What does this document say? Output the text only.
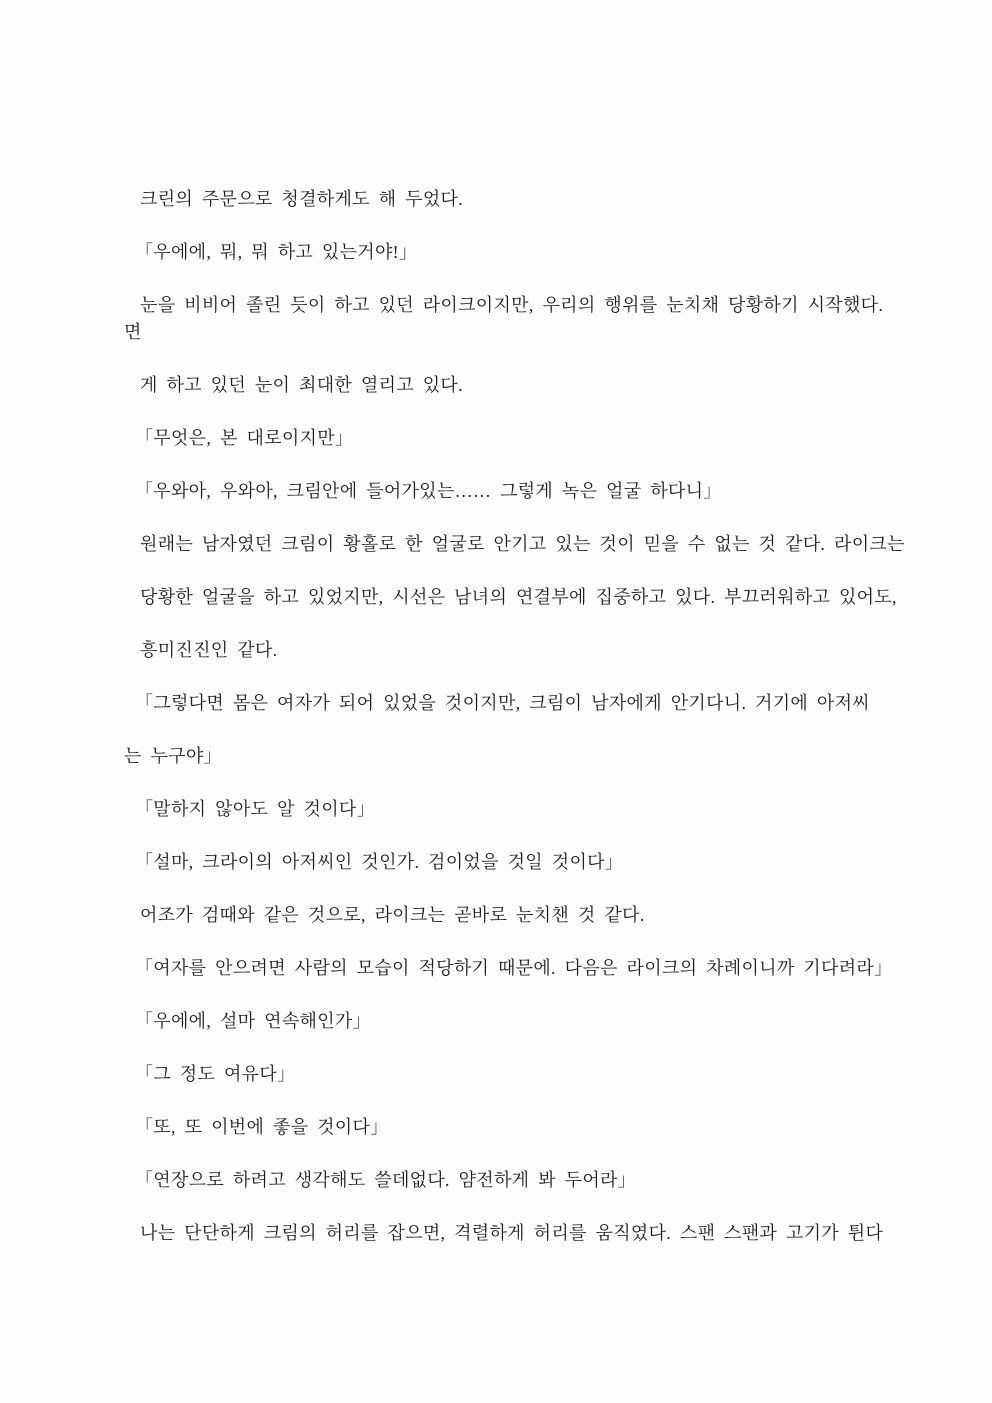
크린의 주문으로 청결하게도 해 두었다.

「우에에, 뭐, 뭐 하고 있는거야!」

눈을 비비어 졸린 듯이 하고 있던 라이크이지만, 우리의 행위를 눈치채 당황하기 시작했다.
면

게 하고 있던 눈이 최대한 열리고 있다.

「무엇은, 본 대로이지만」

「우와아, 우와아, 크림안에 들어가있는…… 그렇게 녹은 얼굴 하다니」

원래는 남자였던 크림이 황홀로 한 얼굴로 안기고 있는 것이 믿을 수 없는 것 같다. 라이크는

당황한 얼굴을 하고 있었지만, 시선은 남녀의 연결부에 집중하고 있다. 부끄러워하고 있어도,

흥미진진인 같다.

「그렇다면 몸은 여자가 되어 있었을 것이지만, 크림이 남자에게 안기다니. 거기에 아저씨

는 누구야」

「말하지 않아도 알 것이다」

「설마, 크라이의 아저씨인 것인가. 검이었을 것일 것이다」

어조가 검때와 같은 것으로, 라이크는 곧바로 눈치챈 것 같다.

「여자를 안으려면 사람의 모습이 적당하기 때문에. 다음은 라이크의 차례이니까 기다려라」

「우에에, 설마 연속해인가」

「그 정도 여유다」

「또, 또 이번에 좋을 것이다」

「연장으로 하려고 생각해도 쓸데없다. 얌전하게 봐 두어라」

나는 단단하게 크림의 허리를 잡으면, 격렬하게 허리를 움직였다. 스팬 스팬과 고기가 튄다
